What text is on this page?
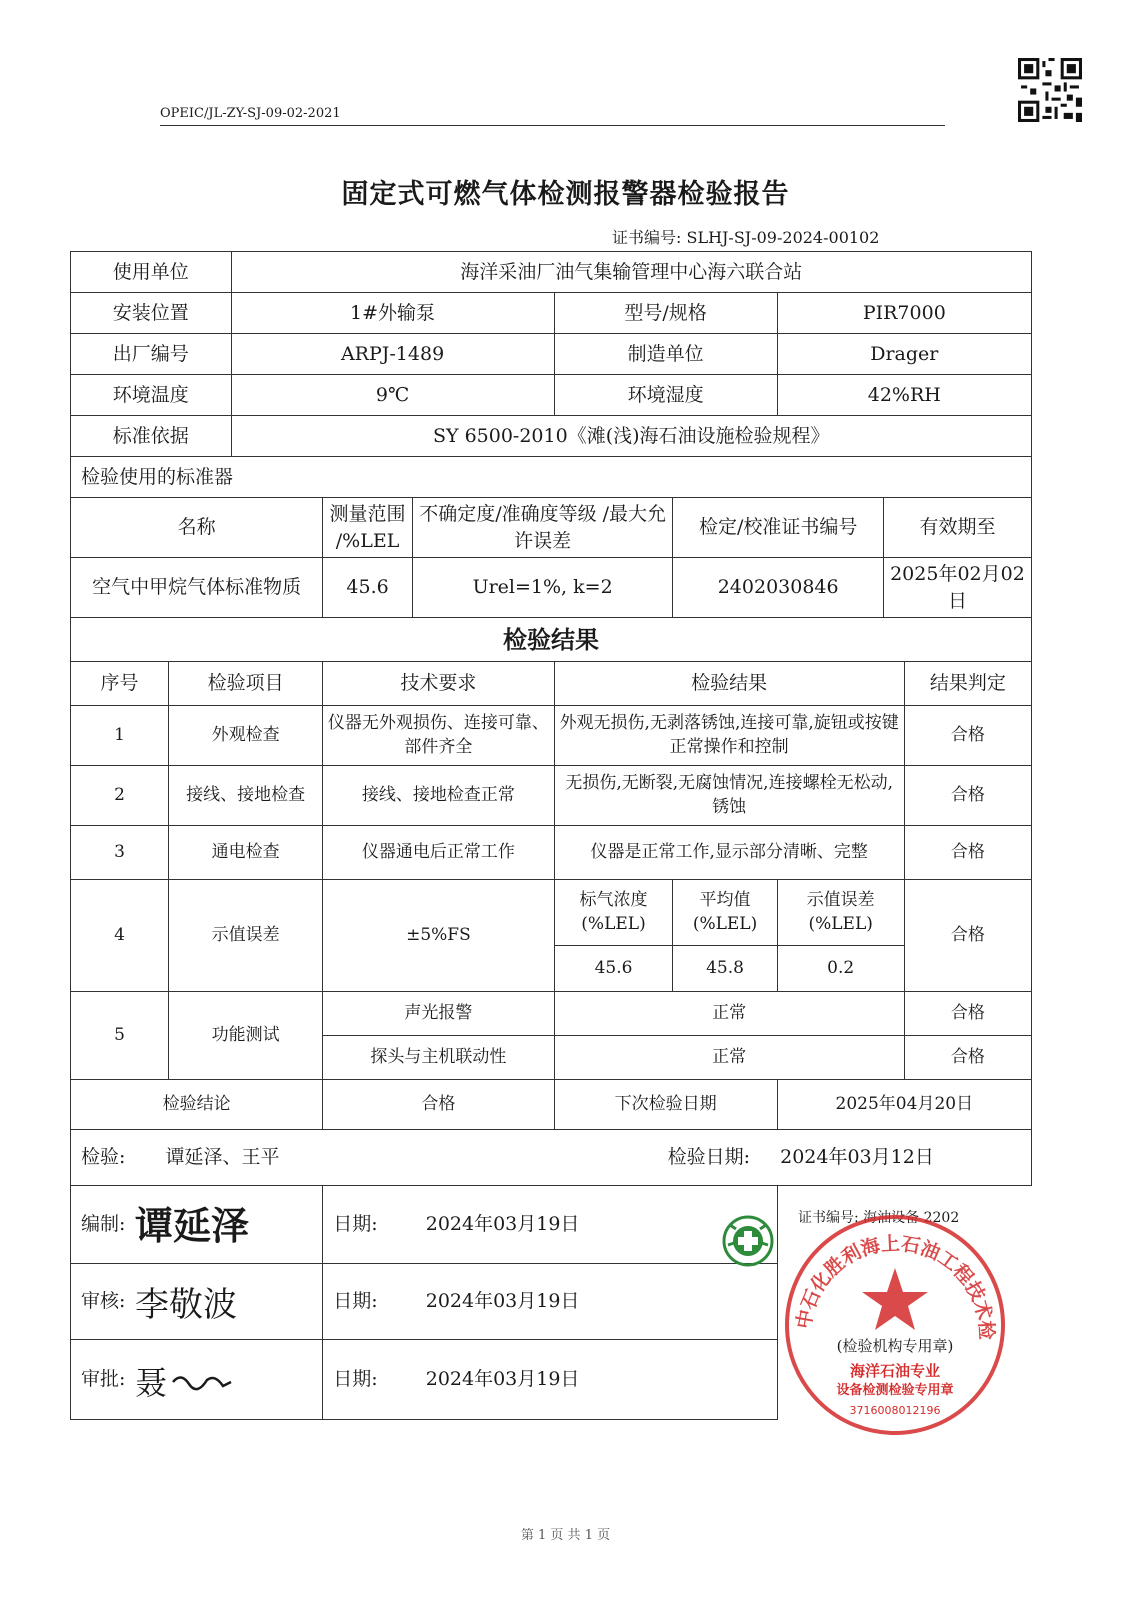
OPEIC/JL-ZY-SJ-09-02-2021
固定式可燃气体检测报警器检验报告
证书编号: SLHJ-SJ-09-2024-00102
使用单位		海洋采油厂油气集输管理中心海六联合站							
安装位置		1#外输泵			型号/规格		PIR7000		
出厂编号		ARPJ-1489			制造单位		Drager		
环境温度		9℃			环境湿度		42%RH		
标准依据		SY 6500-2010《滩(浅)海石油设施检验规程》							
检验使用的标准器									
名称			测量范围 /%LEL	不确定度/准确度等级 /最大允许误差		检定/校准证书编号		有效期至	
空气中甲烷气体标准物质			45.6	Urel=1%, k=2		2402030846		2025年02月02日	
检验结果									
序号	检验项目		技术要求		检验结果				结果判定
1	外观检查		仪器无外观损伤、连接可靠、部件齐全		外观无损伤,无剥落锈蚀,连接可靠,旋钮或按键正常操作和控制				合格
2	接线、接地检查		接线、接地检查正常		无损伤,无断裂,无腐蚀情况,连接螺栓无松动,锈蚀				合格
3	通电检查		仪器通电后正常工作		仪器是正常工作,显示部分清晰、完整				合格
4	示值误差		±5%FS		标气浓度 (%LEL)	平均值 (%LEL)	示值误差 (%LEL)		合格
					45.6	45.8	0.2		
5	功能测试		声光报警		正常				合格
			探头与主机联动性		正常				合格
检验结论			合格		下次检验日期		2025年04月20日		
检验: 谭延泽、王平 检验日期: 2024年03月12日									
编制: 谭延泽			日期: 2024年03月19日						
审核: 李敬波			日期: 2024年03月19日						
审批: 聂			日期: 2024年03月19日						
证书编号: 海油设备 2202
中石化胜利海上石油工程技术检
(检验机构专用章)
海洋石油专业
设备检测检验专用章
3716008012196
第 1 页 共 1 页
